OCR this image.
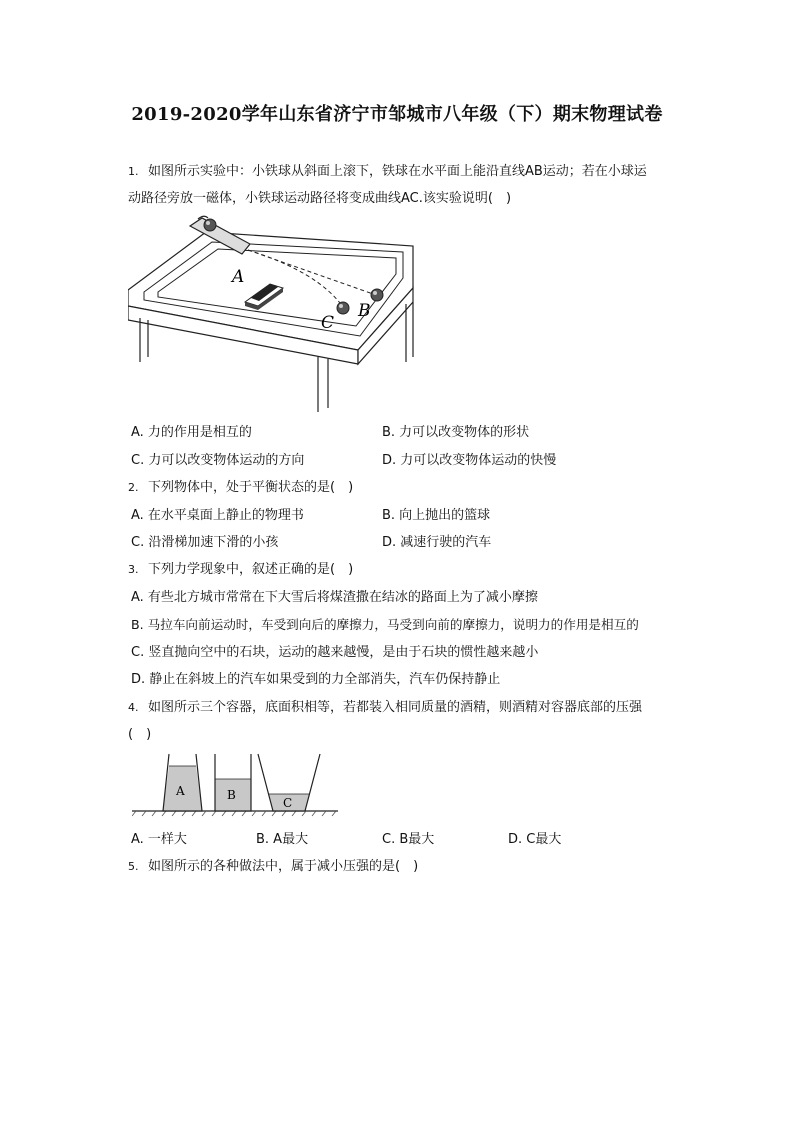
2019-2020学年山东省济宁市邹城市八年级（下）期末物理试卷
1. 如图所示实验中：小铁球从斜面上滚下，铁球在水平面上能沿直线AB运动；若在小球运
动路径旁放一磁体，小铁球运动路径将变成曲线AC.该实验说明(　)
A
B
C
A. 力的作用是相互的	B. 力可以改变物体的形状
C. 力可以改变物体运动的方向	D. 力可以改变物体运动的快慢
2. 下列物体中，处于平衡状态的是(　)
A. 在水平桌面上静止的物理书	B. 向上抛出的篮球
C. 沿滑梯加速下滑的小孩	D. 减速行驶的汽车
3. 下列力学现象中，叙述正确的是(　)
A. 有些北方城市常常在下大雪后将煤渣撒在结冰的路面上为了减小摩擦
B. 马拉车向前运动时，车受到向后的摩擦力，马受到向前的摩擦力，说明力的作用是相互的
C. 竖直抛向空中的石块，运动的越来越慢，是由于石块的惯性越来越小
D. 静止在斜坡上的汽车如果受到的力全部消失，汽车仍保持静止
4. 如图所示三个容器，底面积相等，若都装入相同质量的酒精，则酒精对容器底部的压强
(　)
A	B
C
A. 一样大	B. A最大	C. B最大	D. C最大
5. 如图所示的各种做法中，属于减小压强的是(　)
